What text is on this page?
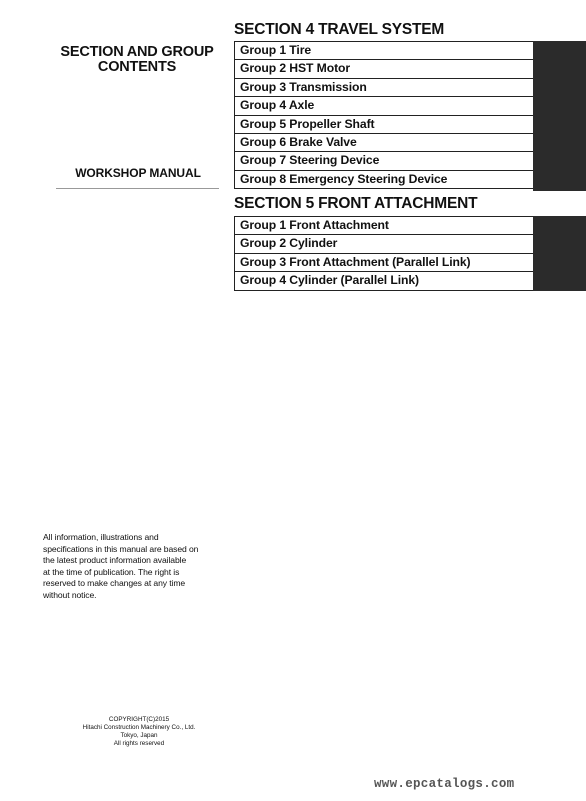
SECTION AND GROUP
CONTENTS
WORKSHOP MANUAL
SECTION 4 TRAVEL SYSTEM
Group 1 Tire
Group 2 HST Motor
Group 3 Transmission
Group 4 Axle
Group 5 Propeller Shaft
Group 6 Brake Valve
Group 7 Steering Device
Group 8 Emergency Steering Device
SECTION 5 FRONT ATTACHMENT
Group 1 Front Attachment
Group 2 Cylinder
Group 3 Front Attachment (Parallel Link)
Group 4 Cylinder (Parallel Link)
All information, illustrations and
specifications in this manual are based on
the latest product information available
at the time of publication. The right is
reserved to make changes at any time
without notice.
COPYRIGHT(C)2015
Hitachi Construction Machinery Co., Ltd.
Tokyo, Japan
All rights reserved
www.epcatalogs.com
